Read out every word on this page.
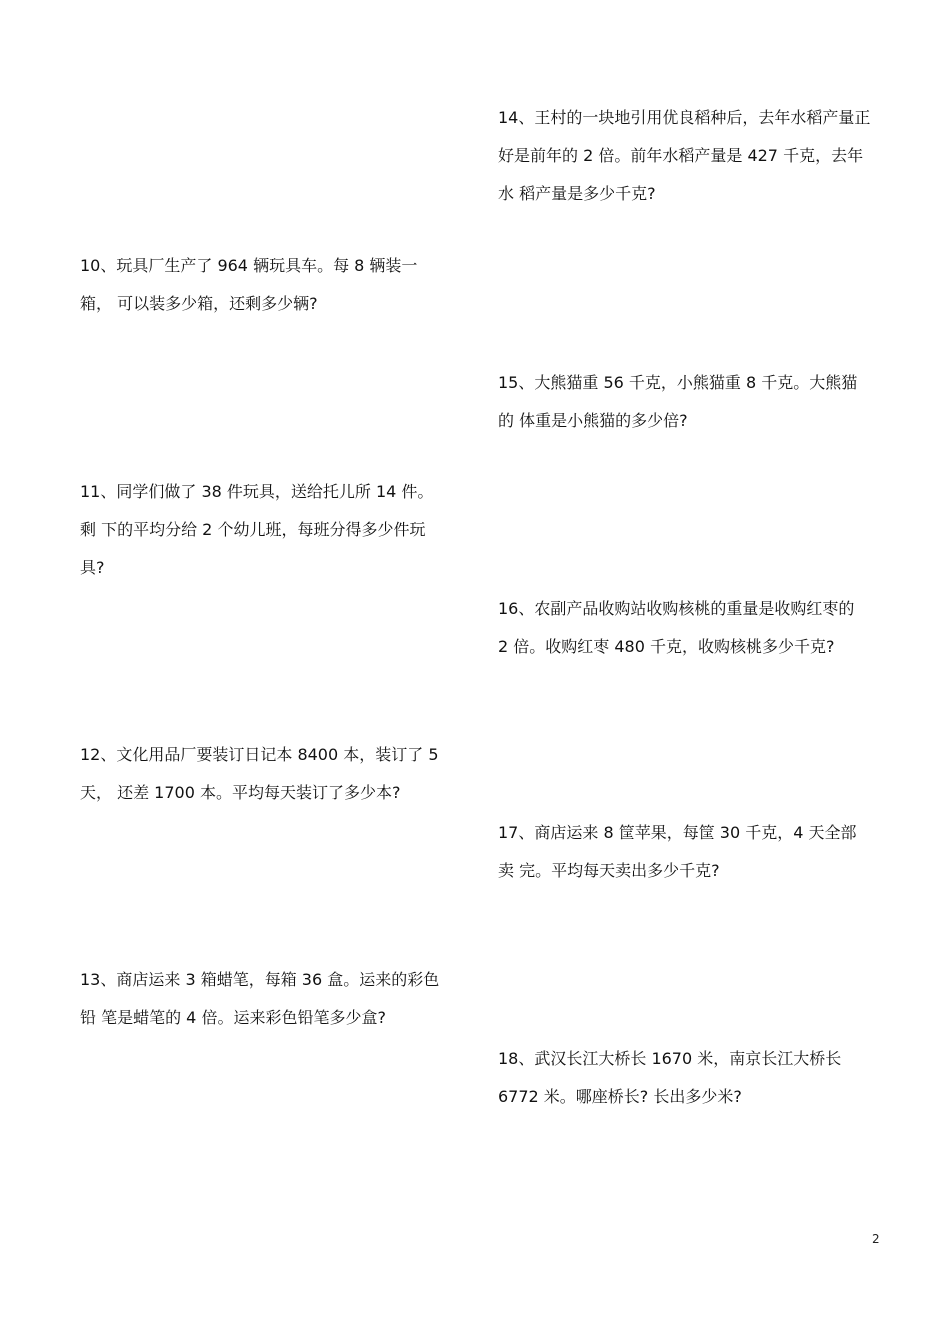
10、玩具厂生产了 964 辆玩具车。每 8 辆装一
箱， 可以装多少箱，还剩多少辆?
11、同学们做了 38 件玩具，送给托儿所 14 件。
剩 下的平均分给 2 个幼儿班，每班分得多少件玩
具?
12、文化用品厂要装订日记本 8400 本，装订了 5
天， 还差 1700 本。平均每天装订了多少本?
13、商店运来 3 箱蜡笔，每箱 36 盒。运来的彩色
铅 笔是蜡笔的 4 倍。运来彩色铅笔多少盒?
14、王村的一块地引用优良稻种后，去年水稻产量正
好是前年的 2 倍。前年水稻产量是 427 千克，去年
水 稻产量是多少千克?
15、大熊猫重 56 千克，小熊猫重 8 千克。大熊猫
的 体重是小熊猫的多少倍?
16、农副产品收购站收购核桃的重量是收购红枣的
2 倍。收购红枣 480 千克，收购核桃多少千克?
17、商店运来 8 筐苹果，每筐 30 千克，4 天全部
卖 完。平均每天卖出多少千克?
18、武汉长江大桥长 1670 米，南京长江大桥长
6772 米。哪座桥长? 长出多少米?
2
